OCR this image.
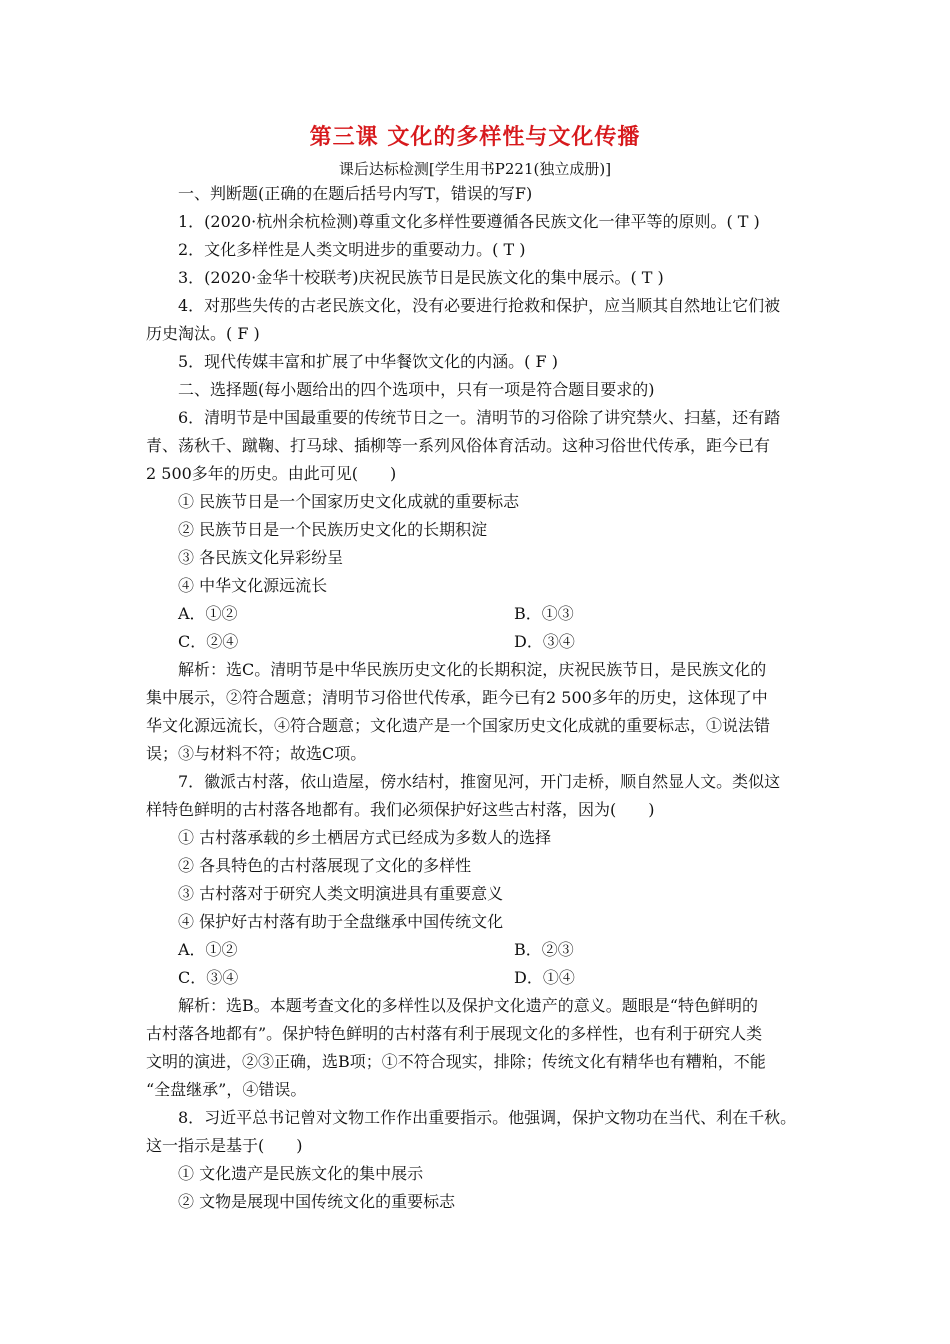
第三课 文化的多样性与文化传播
课后达标检测[学生用书P221(独立成册)]
一、判断题(正确的在题后括号内写T，错误的写F)
1．(2020·杭州余杭检测)尊重文化多样性要遵循各民族文化一律平等的原则。( T )
2．文化多样性是人类文明进步的重要动力。( T )
3．(2020·金华十校联考)庆祝民族节日是民族文化的集中展示。( T )
4．对那些失传的古老民族文化，没有必要进行抢救和保护，应当顺其自然地让它们被
历史淘汰。( F )
5．现代传媒丰富和扩展了中华餐饮文化的内涵。( F )
二、选择题(每小题给出的四个选项中，只有一项是符合题目要求的)
6．清明节是中国最重要的传统节日之一。清明节的习俗除了讲究禁火、扫墓，还有踏
青、荡秋千、蹴鞠、打马球、插柳等一系列风俗体育活动。这种习俗世代传承，距今已有
2 500多年的历史。由此可见(　　)
① 民族节日是一个国家历史文化成就的重要标志
② 民族节日是一个民族历史文化的长期积淀
③ 各民族文化异彩纷呈
④ 中华文化源远流长
A．①②	B．①③
C．②④	D．③④
解析：选C。清明节是中华民族历史文化的长期积淀，庆祝民族节日，是民族文化的
集中展示，②符合题意；清明节习俗世代传承，距今已有2 500多年的历史，这体现了中
华文化源远流长，④符合题意；文化遗产是一个国家历史文化成就的重要标志，①说法错
误；③与材料不符；故选C项。
7．徽派古村落，依山造屋，傍水结村，推窗见河，开门走桥，顺自然显人文。类似这
样特色鲜明的古村落各地都有。我们必须保护好这些古村落，因为(　　)
① 古村落承载的乡土栖居方式已经成为多数人的选择
② 各具特色的古村落展现了文化的多样性
③ 古村落对于研究人类文明演进具有重要意义
④ 保护好古村落有助于全盘继承中国传统文化
A．①②	B．②③
C．③④	D．①④
解析：选B。本题考查文化的多样性以及保护文化遗产的意义。题眼是“特色鲜明的
古村落各地都有”。保护特色鲜明的古村落有利于展现文化的多样性，也有利于研究人类
文明的演进，②③正确，选B项；①不符合现实，排除；传统文化有精华也有糟粕，不能
“全盘继承”，④错误。
8．习近平总书记曾对文物工作作出重要指示。他强调，保护文物功在当代、利在千秋。
这一指示是基于(　　)
① 文化遗产是民族文化的集中展示
② 文物是展现中国传统文化的重要标志
